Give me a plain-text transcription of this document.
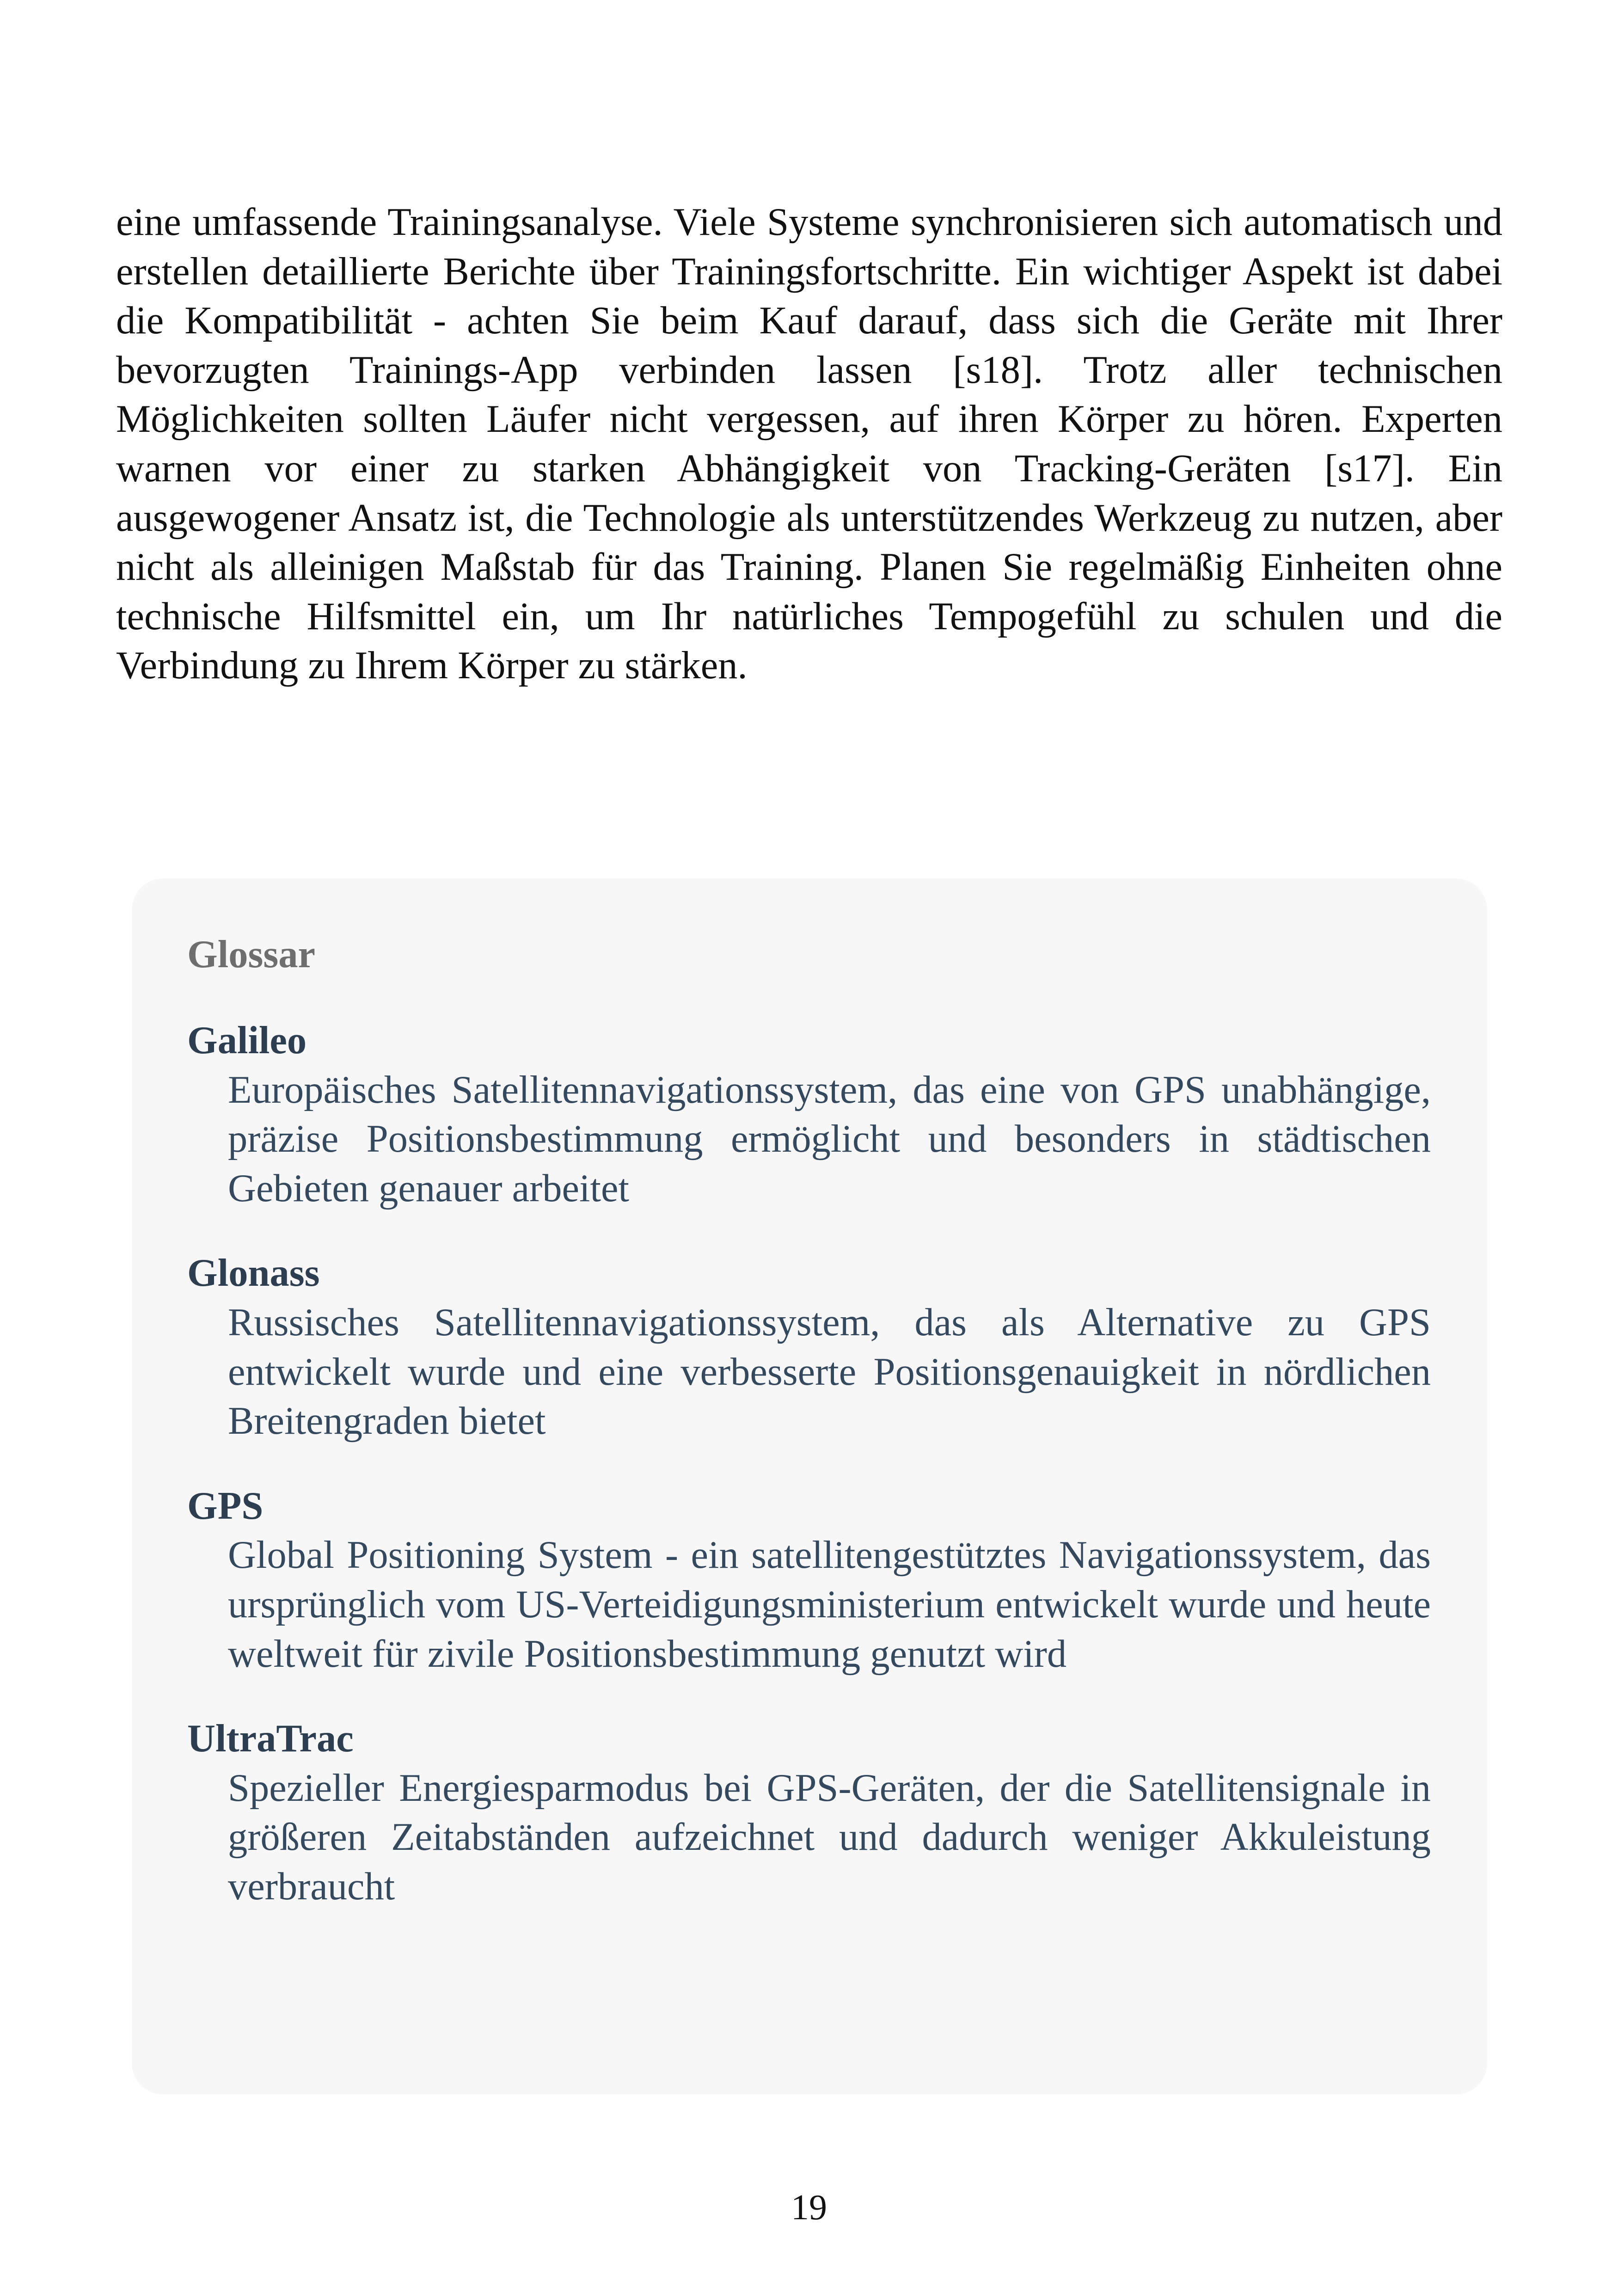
eine umfassende Trainingsanalyse. Viele Systeme synchronisieren sich automatisch und erstellen detaillierte Berichte über Trainingsfortschritte. Ein wichtiger Aspekt ist dabei die Kompatibilität - achten Sie beim Kauf darauf, dass sich die Geräte mit Ihrer bevorzugten Trainings-App verbinden lassen [s18]. Trotz aller technischen Möglichkeiten sollten Läufer nicht vergessen, auf ihren Körper zu hören. Experten warnen vor einer zu starken Abhängigkeit von Tracking-Geräten [s17]. Ein ausgewogener Ansatz ist, die Technologie als unterstützendes Werkzeug zu nutzen, aber nicht als alleinigen Maßstab für das Training. Planen Sie regelmäßig Einheiten ohne technische Hilfsmittel ein, um Ihr natürliches Tempogefühl zu schulen und die Verbindung zu Ihrem Körper zu stärken.

Glossar
Galileo
Europäisches Satellitennavigationssystem, das eine von GPS unabhängige, präzise Positionsbestimmung ermöglicht und besonders in städtischen Gebieten genauer arbeitet
Glonass
Russisches Satellitennavigationssystem, das als Alternative zu GPS entwickelt wurde und eine verbesserte Positionsgenauigkeit in nördlichen Breitengraden bietet
GPS
Global Positioning System - ein satellitengestütztes Navigationssystem, das ursprünglich vom US-Verteidigungsministerium entwickelt wurde und heute weltweit für zivile Positionsbestimmung genutzt wird
UltraTrac
Spezieller Energiesparmodus bei GPS-Geräten, der die Satellitensignale in größeren Zeitabständen aufzeichnet und dadurch weniger Akkuleistung verbraucht

19
